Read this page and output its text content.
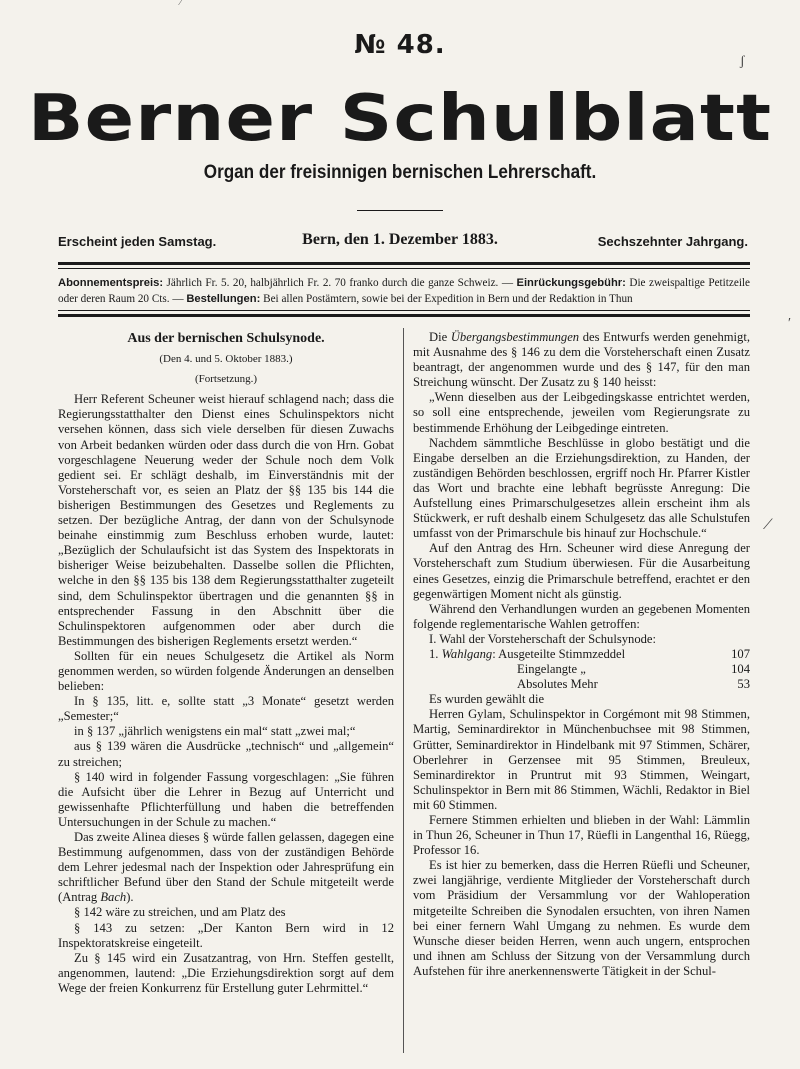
№ 48.
Berner Schulblatt
Organ der freisinnigen bernischen Lehrerschaft.
Erscheint jeden Samstag.	Bern, den 1. Dezember 1883.	Sechszehnter Jahrgang.
Abonnementspreis: Jährlich Fr. 5. 20, halbjährlich Fr. 2. 70 franko durch die ganze Schweiz. — Einrückungsgebühr: Die zweispaltige Petitzeile oder deren Raum 20 Cts. — Bestellungen: Bei allen Postämtern, sowie bei der Expedition in Bern und der Redaktion in Thun
Aus der bernischen Schulsynode.
(Den 4. und 5. Oktober 1883.)
(Fortsetzung.)

Herr Referent Scheuner weist hierauf schlagend nach; dass die Regierungsstatthalter den Dienst eines Schulinspektors nicht versehen können, dass sich viele derselben für diesen Zuwachs von Arbeit bedanken würden oder dass durch die von Hrn. Gobat vorgeschlagene Neuerung weder der Schule noch dem Volk gedient sei. Er schlägt deshalb, im Einverständnis mit der Vorsteherschaft vor, es seien an Platz der §§ 135 bis 144 die bisherigen Bestimmungen des Gesetzes und Reglements zu setzen. Der bezügliche Antrag, der dann von der Schulsynode beinahe einstimmig zum Beschluss erhoben wurde, lautet: „Bezüglich der Schulaufsicht ist das System des Inspektorats in bisheriger Weise beizubehalten. Dasselbe sollen die Pflichten, welche in den §§ 135 bis 138 dem Regierungsstatthalter zugeteilt sind, dem Schulinspektor übertragen und die genannten §§ in entsprechender Fassung in den Abschnitt über die Schulinspektoren aufgenommen oder aber durch die Bestimmungen des bisherigen Reglements ersetzt werden.“

Sollten für ein neues Schulgesetz die Artikel als Norm genommen werden, so würden folgende Änderungen an denselben belieben:

In § 135, litt. e, sollte statt „3 Monate“ gesetzt werden „Semester;“

in § 137 „jährlich wenigstens ein mal“ statt „zwei mal;“

aus § 139 wären die Ausdrücke „technisch“ und „allgemein“ zu streichen;

§ 140 wird in folgender Fassung vorgeschlagen: „Sie führen die Aufsicht über die Lehrer in Bezug auf Unterricht und gewissenhafte Pflichterfüllung und haben die betreffenden Untersuchungen in der Schule zu machen.“

Das zweite Alinea dieses § würde fallen gelassen, dagegen eine Bestimmung aufgenommen, dass von der zuständigen Behörde dem Lehrer jedesmal nach der Inspektion oder Jahresprüfung ein schriftlicher Befund über den Stand der Schule mitgeteilt werde (Antrag Bach).

§ 142 wäre zu streichen, und am Platz des

§ 143 zu setzen: „Der Kanton Bern wird in 12 Inspektoratskreise eingeteilt.

Zu § 145 wird ein Zusatzantrag, von Hrn. Steffen gestellt, angenommen, lautend: „Die Erziehungsdirektion sorgt auf dem Wege der freien Konkurrenz für Erstellung guter Lehrmittel.“

Die Übergangsbestimmungen des Entwurfs werden genehmigt, mit Ausnahme des § 146 zu dem die Vorsteherschaft einen Zusatz beantragt, der angenommen wurde und des § 147, für den man Streichung wünscht. Der Zusatz zu § 140 heisst:

„Wenn dieselben aus der Leibgedingskasse entrichtet werden, so soll eine entsprechende, jeweilen vom Regierungsrate zu bestimmende Erhöhung der Leibgedinge eintreten.

Nachdem sämmtliche Beschlüsse in globo bestätigt und die Eingabe derselben an die Erziehungsdirektion, zu Handen, der zuständigen Behörden beschlossen, ergriff noch Hr. Pfarrer Kistler das Wort und brachte eine lebhaft begrüsste Anregung: Die Aufstellung eines Primarschulgesetzes allein erscheint ihm als Stückwerk, er ruft deshalb einem Schulgesetz das alle Schulstufen umfasst von der Primarschule bis hinauf zur Hochschule.“

Auf den Antrag des Hrn. Scheuner wird diese Anregung der Vorsteherschaft zum Studium überwiesen. Für die Ausarbeitung eines Gesetzes, einzig die Primarschule betreffend, erachtet er den gegenwärtigen Moment nicht als günstig.

Während den Verhandlungen wurden an gegebenen Momenten folgende reglementarische Wahlen getroffen:

I. Wahl der Vorsteherschaft der Schulsynode:

1. Wahlgang: Ausgeteilte Stimmzeddel	107
Eingelangte „	104
Absolutes Mehr	53

Es wurden gewählt die

Herren Gylam, Schulinspektor in Corgémont mit 98 Stimmen, Martig, Seminardirektor in Münchenbuchsee mit 98 Stimmen, Grütter, Seminardirektor in Hindelbank mit 97 Stimmen, Schärer, Oberlehrer in Gerzensee mit 95 Stimmen, Breuleux, Seminardirektor in Pruntrut mit 93 Stimmen, Weingart, Schulinspektor in Bern mit 86 Stimmen, Wächli, Redaktor in Biel mit 60 Stimmen.

Fernere Stimmen erhielten und blieben in der Wahl: Lämmlin in Thun 26, Scheuner in Thun 17, Rüefli in Langenthal 16, Rüegg, Professor 16.

Es ist hier zu bemerken, dass die Herren Rüefli und Scheuner, zwei langjährige, verdiente Mitglieder der Vorsteherschaft durch vom Präsidium der Versammlung vor der Wahloperation mitgeteilte Schreiben die Synodalen ersuchten, von ihren Namen bei einer fernern Wahl Umgang zu nehmen. Es wurde dem Wunsche dieser beiden Herren, wenn auch ungern, entsprochen und ihnen am Schluss der Sitzung von der Versammlung durch Aufstehen für ihre anerkennenswerte Tätigkeit in der Schul-

ʃ
′
⟋
⁄
